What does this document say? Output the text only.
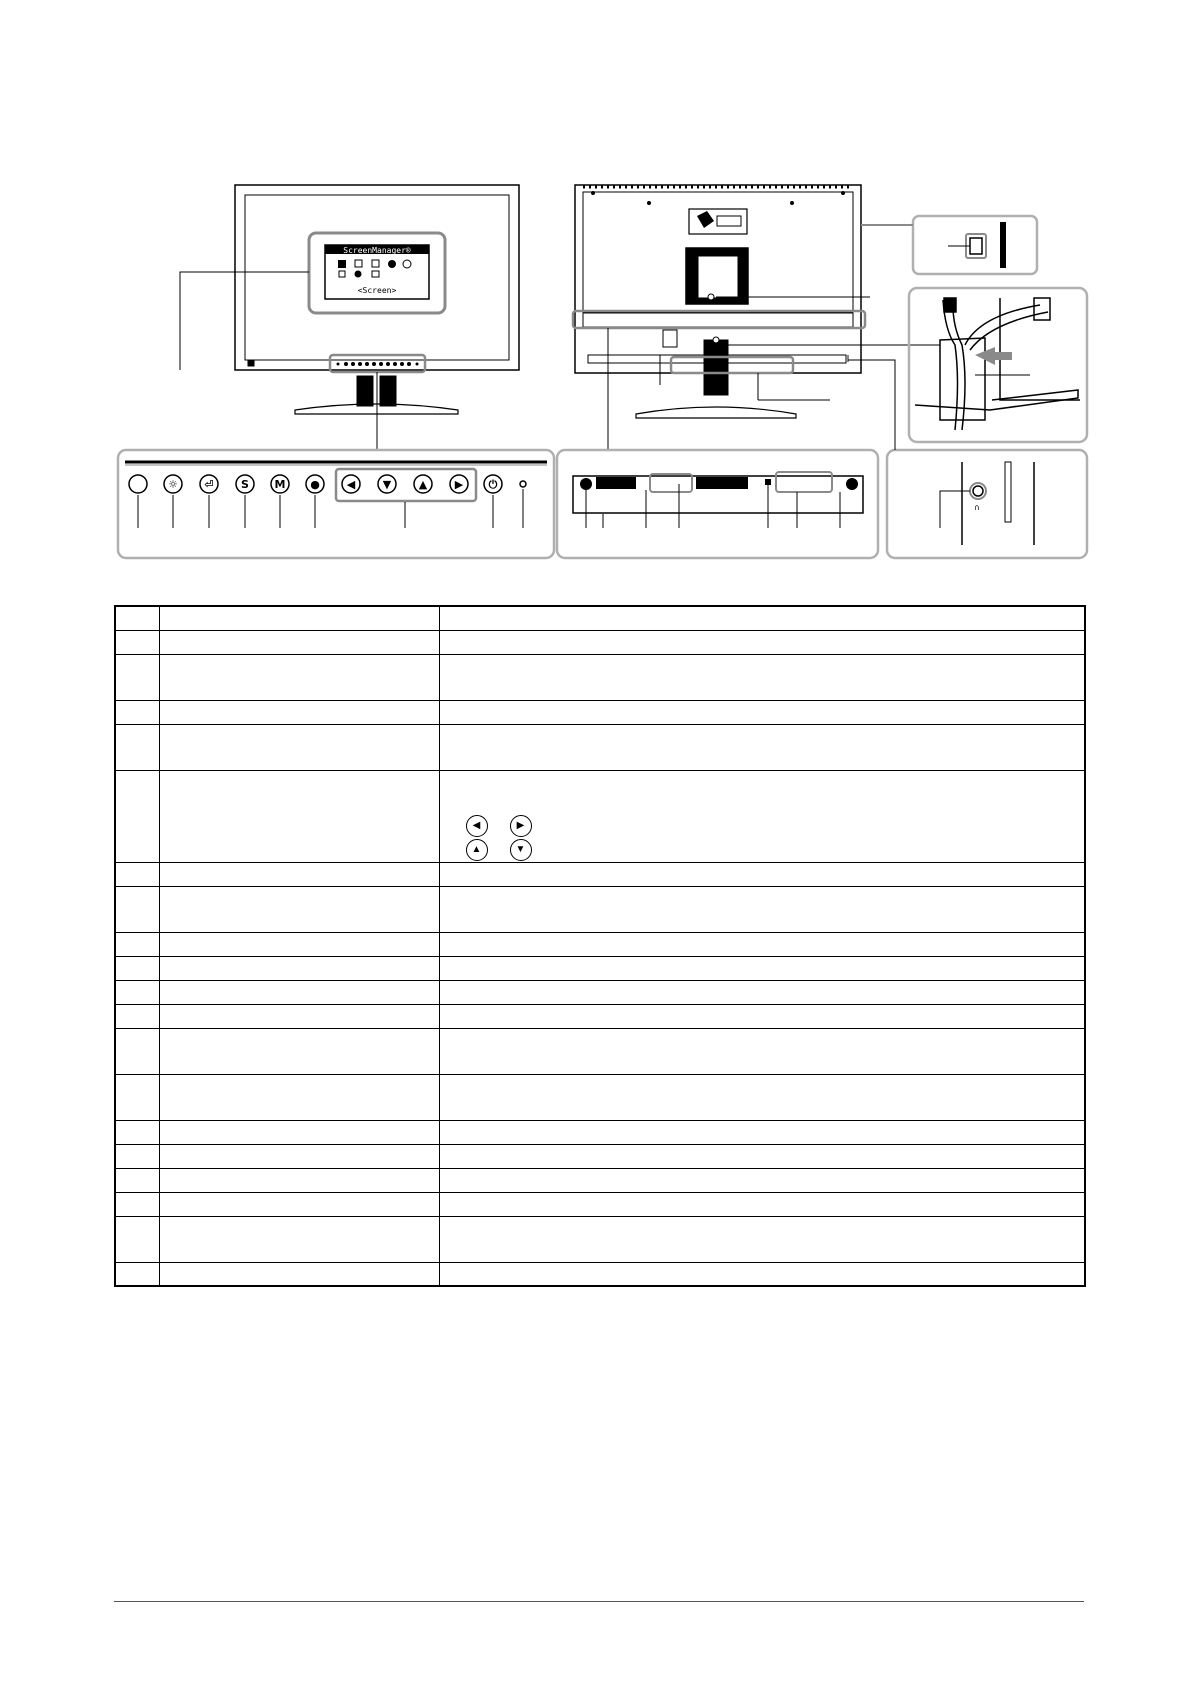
ScreenManager®
<Screen>
☼ ⏎ S M ● ◀	▼	▲	▶ ⏻
∩

		◀ ▶
▲ ▼
